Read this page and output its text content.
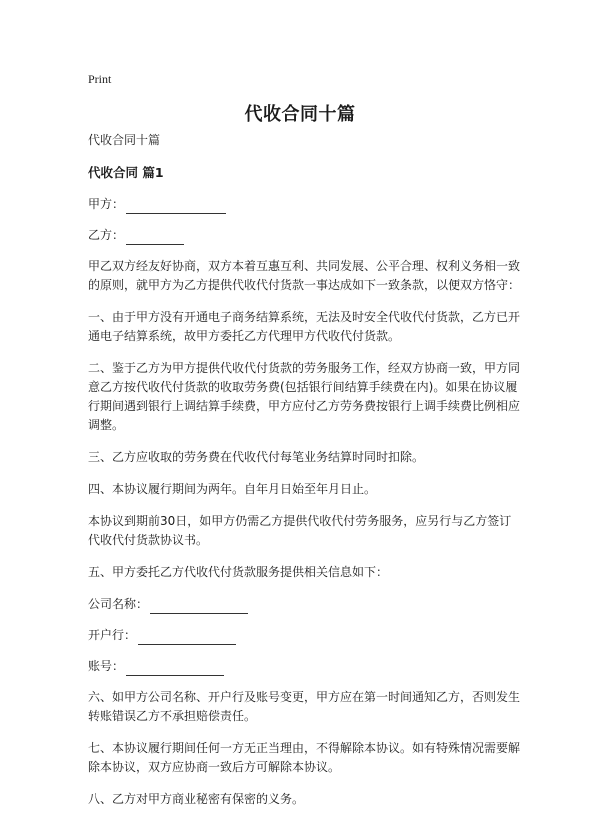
Print
代收合同十篇

代收合同十篇

代收合同 篇1

甲方：
乙方：

甲乙双方经友好协商，双方本着互惠互利、共同发展、公平合理、权利义务相一致的原则，就甲方为乙方提供代收代付货款一事达成如下一致条款，以便双方恪守：

一、由于甲方没有开通电子商务结算系统，无法及时安全代收代付货款，乙方已开通电子结算系统，故甲方委托乙方代理甲方代收代付货款。

二、鉴于乙方为甲方提供代收代付货款的劳务服务工作，经双方协商一致，甲方同意乙方按代收代付货款的收取劳务费(包括银行间结算手续费在内)。如果在协议履行期间遇到银行上调结算手续费，甲方应付乙方劳务费按银行上调手续费比例相应调整。

三、乙方应收取的劳务费在代收代付每笔业务结算时同时扣除。

四、本协议履行期间为两年。自年月日始至年月日止。

本协议到期前30日，如甲方仍需乙方提供代收代付劳务服务，应另行与乙方签订代收代付货款协议书。

五、甲方委托乙方代收代付货款服务提供相关信息如下：

公司名称：
开户行：
账号：

六、如甲方公司名称、开户行及账号变更，甲方应在第一时间通知乙方，否则发生转账错误乙方不承担赔偿责任。

七、本协议履行期间任何一方无正当理由，不得解除本协议。如有特殊情况需要解除本协议，双方应协商一致后方可解除本协议。

八、乙方对甲方商业秘密有保密的义务。
